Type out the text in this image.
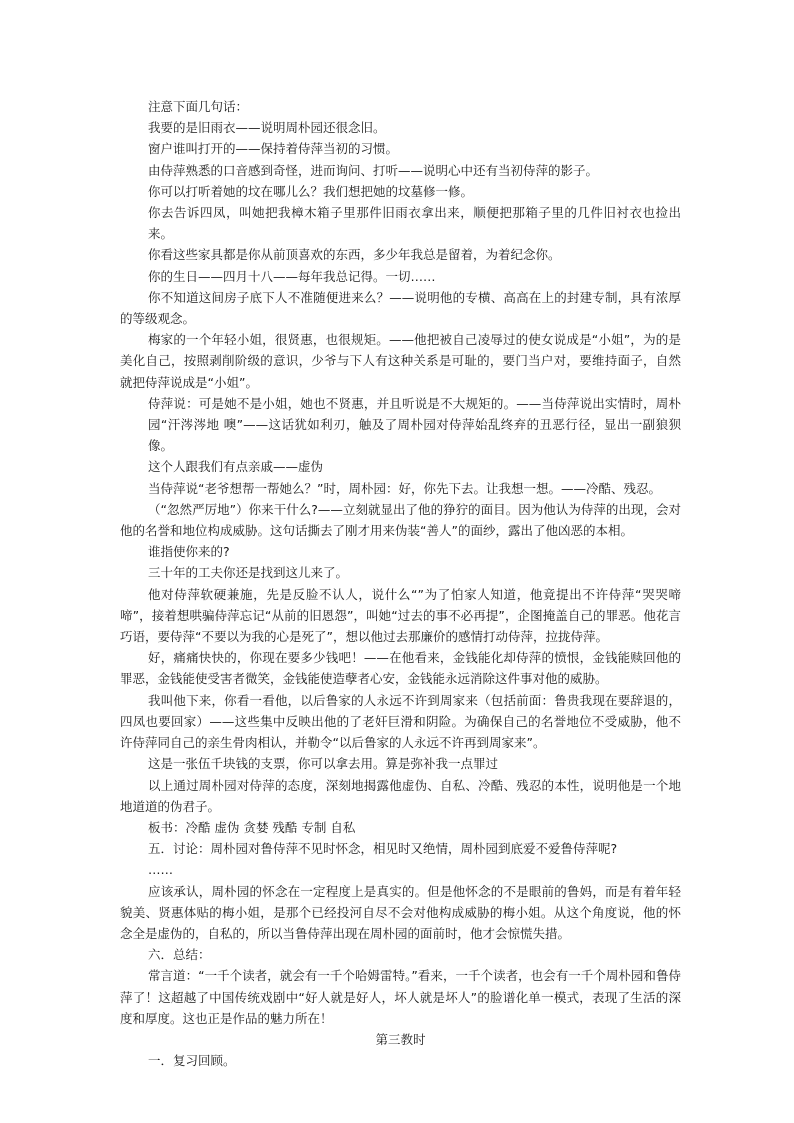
注意下面几句话：

我要的是旧雨衣——说明周朴园还很念旧。

窗户谁叫打开的——保持着侍萍当初的习惯。

由侍萍熟悉的口音感到奇怪，进而询问、打听——说明心中还有当初侍萍的影子。

你可以打听着她的坟在哪儿么？我们想把她的坟墓修一修。

你去告诉四凤，叫她把我樟木箱子里那件旧雨衣拿出来，顺便把那箱子里的几件旧衬衣也捡出来。

你看这些家具都是你从前顶喜欢的东西，多少年我总是留着，为着纪念你。

你的生日——四月十八——每年我总记得。一切……

你不知道这间房子底下人不准随便进来么？——说明他的专横、高高在上的封建专制，具有浓厚的等级观念。

梅家的一个年轻小姐，很贤惠，也很规矩。——他把被自己凌辱过的使女说成是“小姐”，为的是美化自己，按照剥削阶级的意识，少爷与下人有这种关系是可耻的，要门当户对，要维持面子，自然就把侍萍说成是“小姐”。

侍萍说：可是她不是小姐，她也不贤惠，并且听说是不大规矩的。——当侍萍说出实情时，周朴园“汗涔涔地 噢”——这话犹如利刃，触及了周朴园对侍萍始乱终弃的丑恶行径，显出一副狼狈像。

这个人跟我们有点亲戚——虚伪

当侍萍说“老爷想帮一帮她么？”时，周朴园：好，你先下去。让我想一想。——冷酷、残忍。

（“忽然严厉地”）你来干什么?——立刻就显出了他的狰狞的面目。因为他认为侍萍的出现，会对他的名誉和地位构成威胁。这句话撕去了刚才用来伪装“善人”的面纱，露出了他凶恶的本相。

谁指使你来的?

三十年的工夫你还是找到这儿来了。

他对侍萍软硬兼施，先是反脸不认人，说什么“”为了怕家人知道，他竟提出不许侍萍“哭哭啼啼”，接着想哄骗侍萍忘记“从前的旧恩怨”，叫她“过去的事不必再提”，企图掩盖自己的罪恶。他花言巧语，要侍萍“不要以为我的心是死了”，想以他过去那廉价的感情打动侍萍，拉拢侍萍。

好，痛痛快快的，你现在要多少钱吧！——在他看来，金钱能化却侍萍的愤恨，金钱能赎回他的罪恶，金钱能使受害者微笑，金钱能使造孽者心安，金钱能永远消除这件事对他的威胁。

我叫他下来，你看一看他，以后鲁家的人永远不许到周家来（包括前面：鲁贵我现在要辞退的，四凤也要回家）——这些集中反映出他的了老奸巨滑和阴险。为确保自己的名誉地位不受威胁，他不许侍萍同自己的亲生骨肉相认，并勒令“以后鲁家的人永远不许再到周家来”。

这是一张伍千块钱的支票，你可以拿去用。算是弥补我一点罪过

以上通过周朴园对侍萍的态度，深刻地揭露他虚伪、自私、冷酷、残忍的本性，说明他是一个地地道道的伪君子。

板书：冷酷 虚伪 贪婪 残酷 专制 自私

五．讨论：周朴园对鲁侍萍不见时怀念，相见时又绝情，周朴园到底爱不爱鲁侍萍呢?

……

应该承认，周朴园的怀念在一定程度上是真实的。但是他怀念的不是眼前的鲁妈，而是有着年轻貌美、贤惠体贴的梅小姐，是那个已经投河自尽不会对他构成威胁的梅小姐。从这个角度说，他的怀念全是虚伪的，自私的，所以当鲁侍萍出现在周朴园的面前时，他才会惊慌失措。

六．总结：

常言道：“一千个读者，就会有一千个哈姆雷特。”看来，一千个读者，也会有一千个周朴园和鲁侍萍了！这超越了中国传统戏剧中“好人就是好人，坏人就是坏人”的脸谱化单一模式，表现了生活的深度和厚度。这也正是作品的魅力所在！

第三教时

一．复习回顾。
